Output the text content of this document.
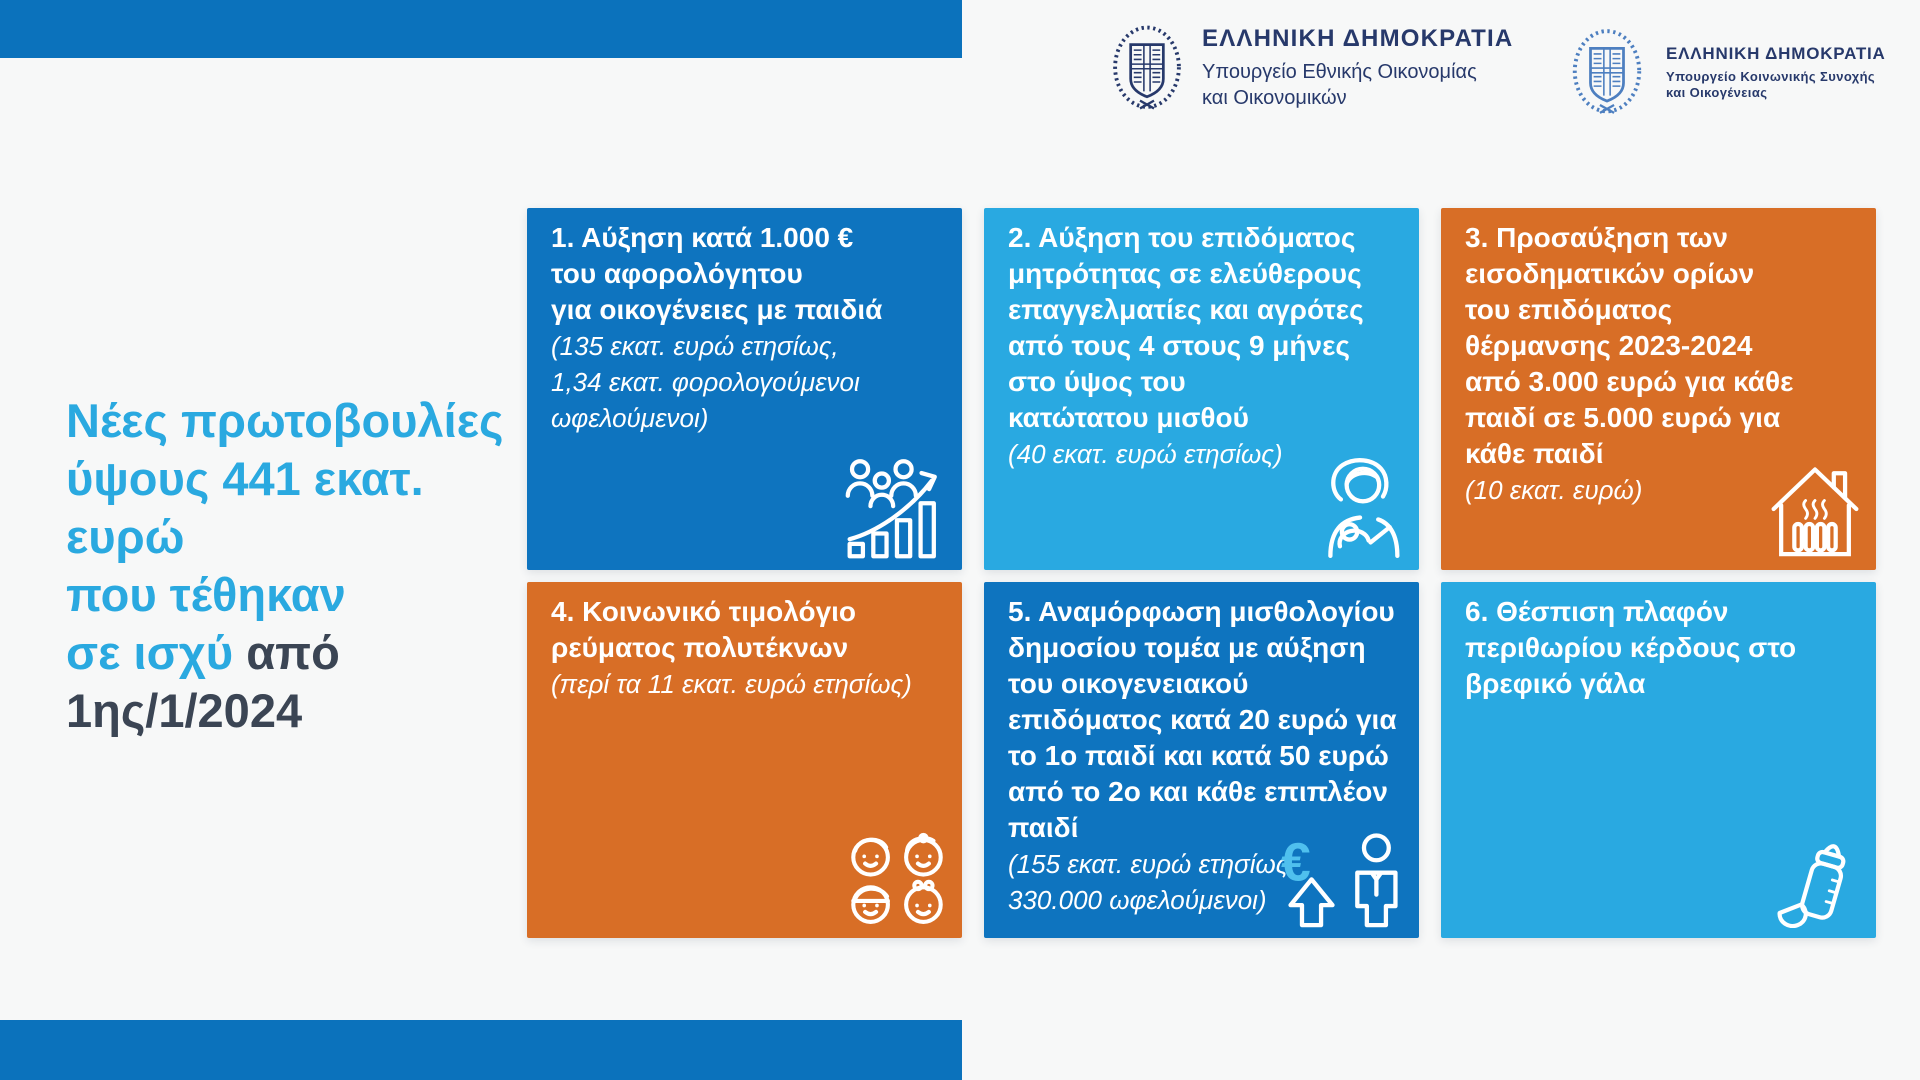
ΕΛΛΗΝΙΚΗ ΔΗΜΟΚΡΑΤΙΑ
Υπουργείο Εθνικής Οικονομίας
και Οικονομικών
ΕΛΛΗΝΙΚΗ ΔΗΜΟΚΡΑΤΙΑ
Υπουργείο Κοινωνικής Συνοχής
και Οικογένειας
Νέες πρωτοβουλίες
ύψους 441 εκατ.
ευρώ
που τέθηκαν
σε ισχύ από
1ης/1/2024
1. Αύξηση κατά 1.000 €
του αφορολόγητου
για οικογένειες με παιδιά
(135 εκατ. ευρώ ετησίως,
1,34 εκατ. φορολογούμενοι
ωφελούμενοι)
2. Αύξηση του επιδόματος
μητρότητας σε ελεύθερους
επαγγελματίες και αγρότες
από τους 4 στους 9 μήνες
στο ύψος του
κατώτατου μισθού
(40 εκατ. ευρώ ετησίως)
3. Προσαύξηση των
εισοδηματικών ορίων
του επιδόματος
θέρμανσης 2023-2024
από 3.000 ευρώ για κάθε
παιδί σε 5.000 ευρώ για
κάθε παιδί
(10 εκατ. ευρώ)
4. Κοινωνικό τιμολόγιο
ρεύματος πολυτέκνων
(περί τα 11 εκατ. ευρώ ετησίως)
5. Αναμόρφωση μισθολογίου
δημοσίου τομέα με αύξηση
του οικογενειακού
επιδόματος κατά 20 ευρώ για
το 1ο παιδί και κατά 50 ευρώ
από το 2ο και κάθε επιπλέον
παιδί
(155 εκατ. ευρώ ετησίως,
330.000 ωφελούμενοι)
€
6. Θέσπιση πλαφόν
περιθωρίου κέρδους στο
βρεφικό γάλα
